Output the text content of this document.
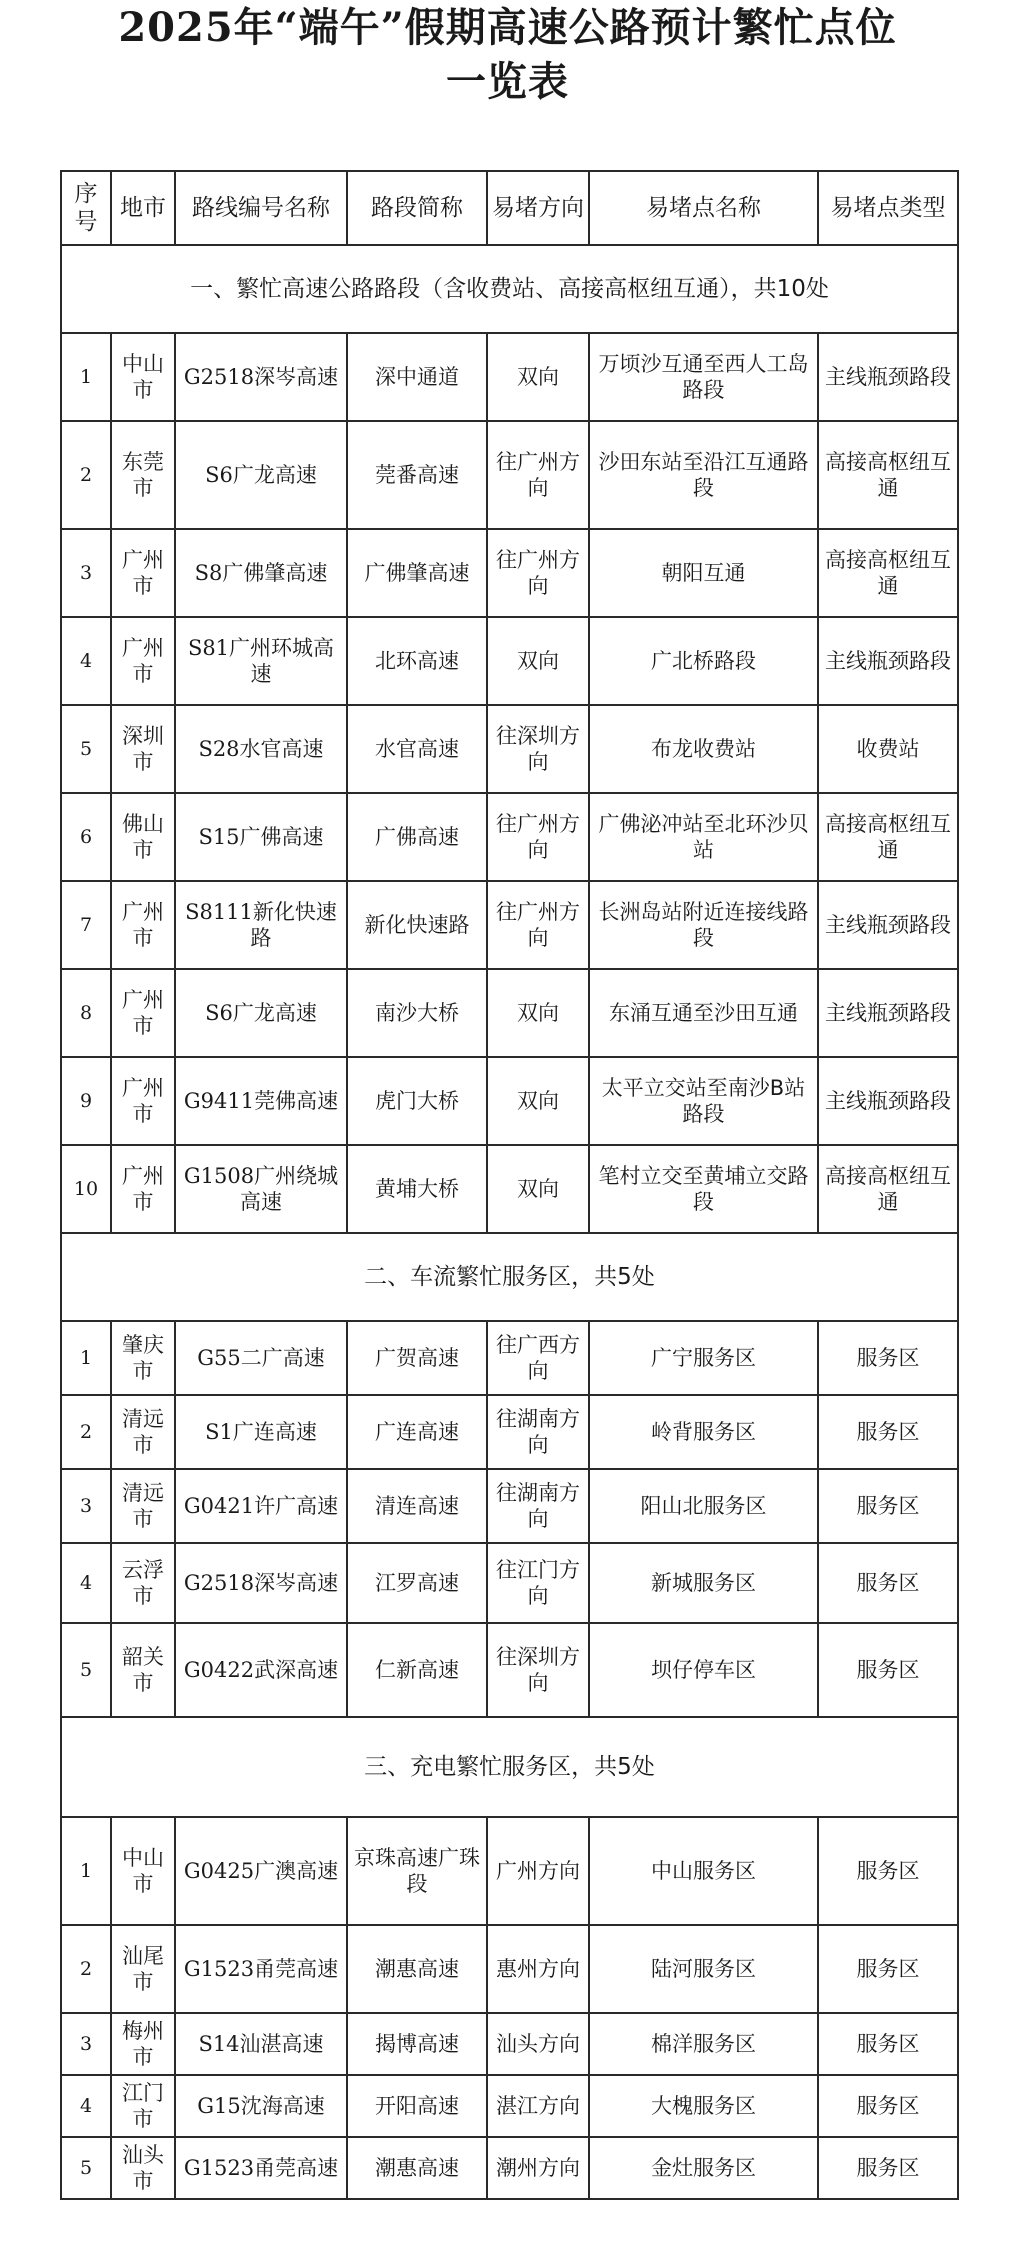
2025年“端午”假期高速公路预计繁忙点位
一览表
序号	地市	路线编号名称	路段简称	易堵方向	易堵点名称	易堵点类型
一、繁忙高速公路路段（含收费站、高接高枢纽互通），共10处						
1	中山市	G2518深岑高速	深中通道	双向	万顷沙互通至西人工岛路段	主线瓶颈路段
2	东莞市	S6广龙高速	莞番高速	往广州方向	沙田东站至沿江互通路段	高接高枢纽互通
3	广州市	S8广佛肇高速	广佛肇高速	往广州方向	朝阳互通	高接高枢纽互通
4	广州市	S81广州环城高速	北环高速	双向	广北桥路段	主线瓶颈路段
5	深圳市	S28水官高速	水官高速	往深圳方向	布龙收费站	收费站
6	佛山市	S15广佛高速	广佛高速	往广州方向	广佛泌冲站至北环沙贝站	高接高枢纽互通
7	广州市	S8111新化快速路	新化快速路	往广州方向	长洲岛站附近连接线路段	主线瓶颈路段
8	广州市	S6广龙高速	南沙大桥	双向	东涌互通至沙田互通	主线瓶颈路段
9	广州市	G9411莞佛高速	虎门大桥	双向	太平立交站至南沙B站路段	主线瓶颈路段
10	广州市	G1508广州绕城高速	黄埔大桥	双向	笔村立交至黄埔立交路段	高接高枢纽互通
二、车流繁忙服务区，共5处						
1	肇庆市	G55二广高速	广贺高速	往广西方向	广宁服务区	服务区
2	清远市	S1广连高速	广连高速	往湖南方向	岭背服务区	服务区
3	清远市	G0421许广高速	清连高速	往湖南方向	阳山北服务区	服务区
4	云浮市	G2518深岑高速	江罗高速	往江门方向	新城服务区	服务区
5	韶关市	G0422武深高速	仁新高速	往深圳方向	坝仔停车区	服务区
三、充电繁忙服务区，共5处						
1	中山市	G0425广澳高速	京珠高速广珠段	广州方向	中山服务区	服务区
2	汕尾市	G1523甬莞高速	潮惠高速	惠州方向	陆河服务区	服务区
3	梅州市	S14汕湛高速	揭博高速	汕头方向	棉洋服务区	服务区
4	江门市	G15沈海高速	开阳高速	湛江方向	大槐服务区	服务区
5	汕头市	G1523甬莞高速	潮惠高速	潮州方向	金灶服务区	服务区
